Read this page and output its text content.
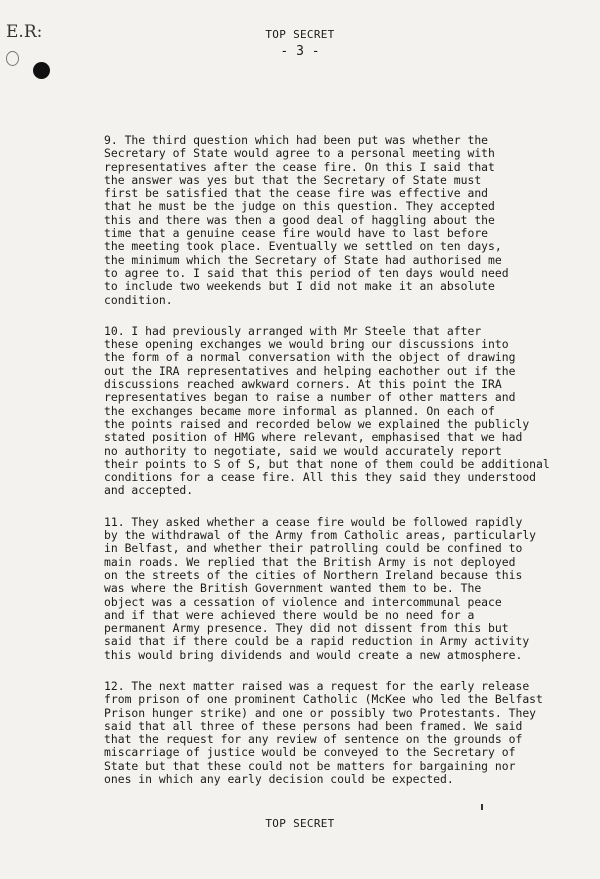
E.R:	TOP SECRET
- 3 -
9. The third question which had been put was whether the
Secretary of State would agree to a personal meeting with
representatives after the cease fire. On this I said that
the answer was yes but that the Secretary of State must
first be satisfied that the cease fire was effective and
that he must be the judge on this question. They accepted
this and there was then a good deal of haggling about the
time that a genuine cease fire would have to last before
the meeting took place. Eventually we settled on ten days,
the minimum which the Secretary of State had authorised me
to agree to. I said that this period of ten days would need
to include two weekends but I did not make it an absolute
condition.
10. I had previously arranged with Mr Steele that after
these opening exchanges we would bring our discussions into
the form of a normal conversation with the object of drawing
out the IRA representatives and helping eachother out if the
discussions reached awkward corners. At this point the IRA
representatives began to raise a number of other matters and
the exchanges became more informal as planned. On each of
the points raised and recorded below we explained the publicly
stated position of HMG where relevant, emphasised that we had
no authority to negotiate, said we would accurately report
their points to S of S, but that none of them could be additional
conditions for a cease fire. All this they said they understood
and accepted.
11. They asked whether a cease fire would be followed rapidly
by the withdrawal of the Army from Catholic areas, particularly
in Belfast, and whether their patrolling could be confined to
main roads. We replied that the British Army is not deployed
on the streets of the cities of Northern Ireland because this
was where the British Government wanted them to be. The
object was a cessation of violence and intercommunal peace
and if that were achieved there would be no need for a
permanent Army presence. They did not dissent from this but
said that if there could be a rapid reduction in Army activity
this would bring dividends and would create a new atmosphere.
12. The next matter raised was a request for the early release
from prison of one prominent Catholic (McKee who led the Belfast
Prison hunger strike) and one or possibly two Protestants. They
said that all three of these persons had been framed. We said
that the request for any review of sentence on the grounds of
miscarriage of justice would be conveyed to the Secretary of
State but that these could not be matters for bargaining nor
ones in which any early decision could be expected.
TOP SECRET
